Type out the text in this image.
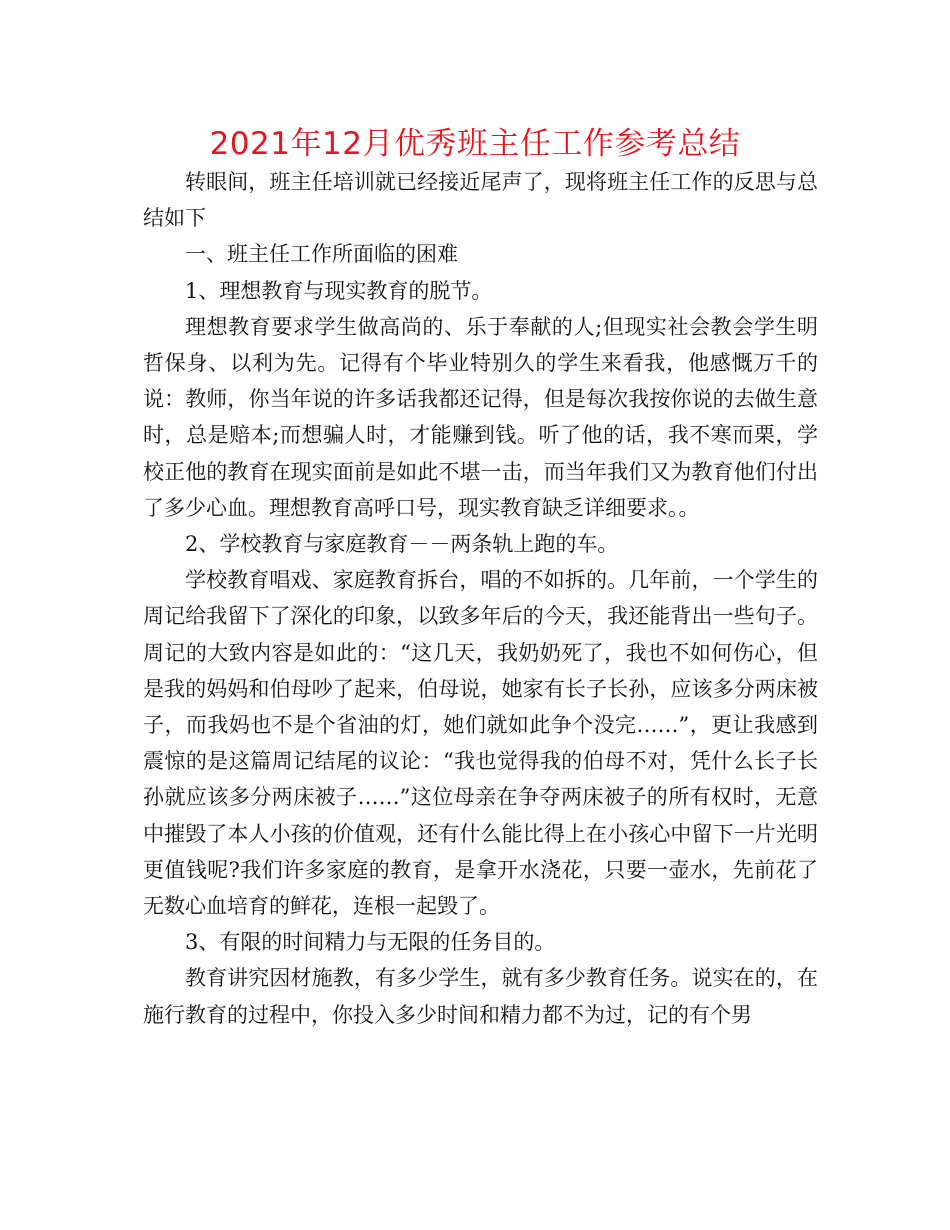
2021年12月优秀班主任工作参考总结

转眼间，班主任培训就已经接近尾声了，现将班主任工作的反思与总结如下

一、班主任工作所面临的困难

1、理想教育与现实教育的脱节。

理想教育要求学生做高尚的、乐于奉献的人;但现实社会教会学生明哲保身、以利为先。记得有个毕业特别久的学生来看我，他感慨万千的说：教师，你当年说的许多话我都还记得，但是每次我按你说的去做生意时，总是赔本;而想骗人时，才能赚到钱。听了他的话，我不寒而栗，学校正他的教育在现实面前是如此不堪一击，而当年我们又为教育他们付出了多少心血。理想教育高呼口号，现实教育缺乏详细要求。。

2、学校教育与家庭教育－－两条轨上跑的车。

学校教育唱戏、家庭教育拆台，唱的不如拆的。几年前，一个学生的周记给我留下了深化的印象，以致多年后的今天，我还能背出一些句子。周记的大致内容是如此的：“这几天，我奶奶死了，我也不如何伤心，但是我的妈妈和伯母吵了起来，伯母说，她家有长子长孙，应该多分两床被子，而我妈也不是个省油的灯，她们就如此争个没完……”，更让我感到震惊的是这篇周记结尾的议论：“我也觉得我的伯母不对，凭什么长子长孙就应该多分两床被子……”这位母亲在争夺两床被子的所有权时，无意中摧毁了本人小孩的价值观，还有什么能比得上在小孩心中留下一片光明更值钱呢?我们许多家庭的教育，是拿开水浇花，只要一壶水，先前花了无数心血培育的鲜花，连根一起毁了。

3、有限的时间精力与无限的任务目的。

教育讲究因材施教，有多少学生，就有多少教育任务。说实在的，在施行教育的过程中，你投入多少时间和精力都不为过，记的有个男
